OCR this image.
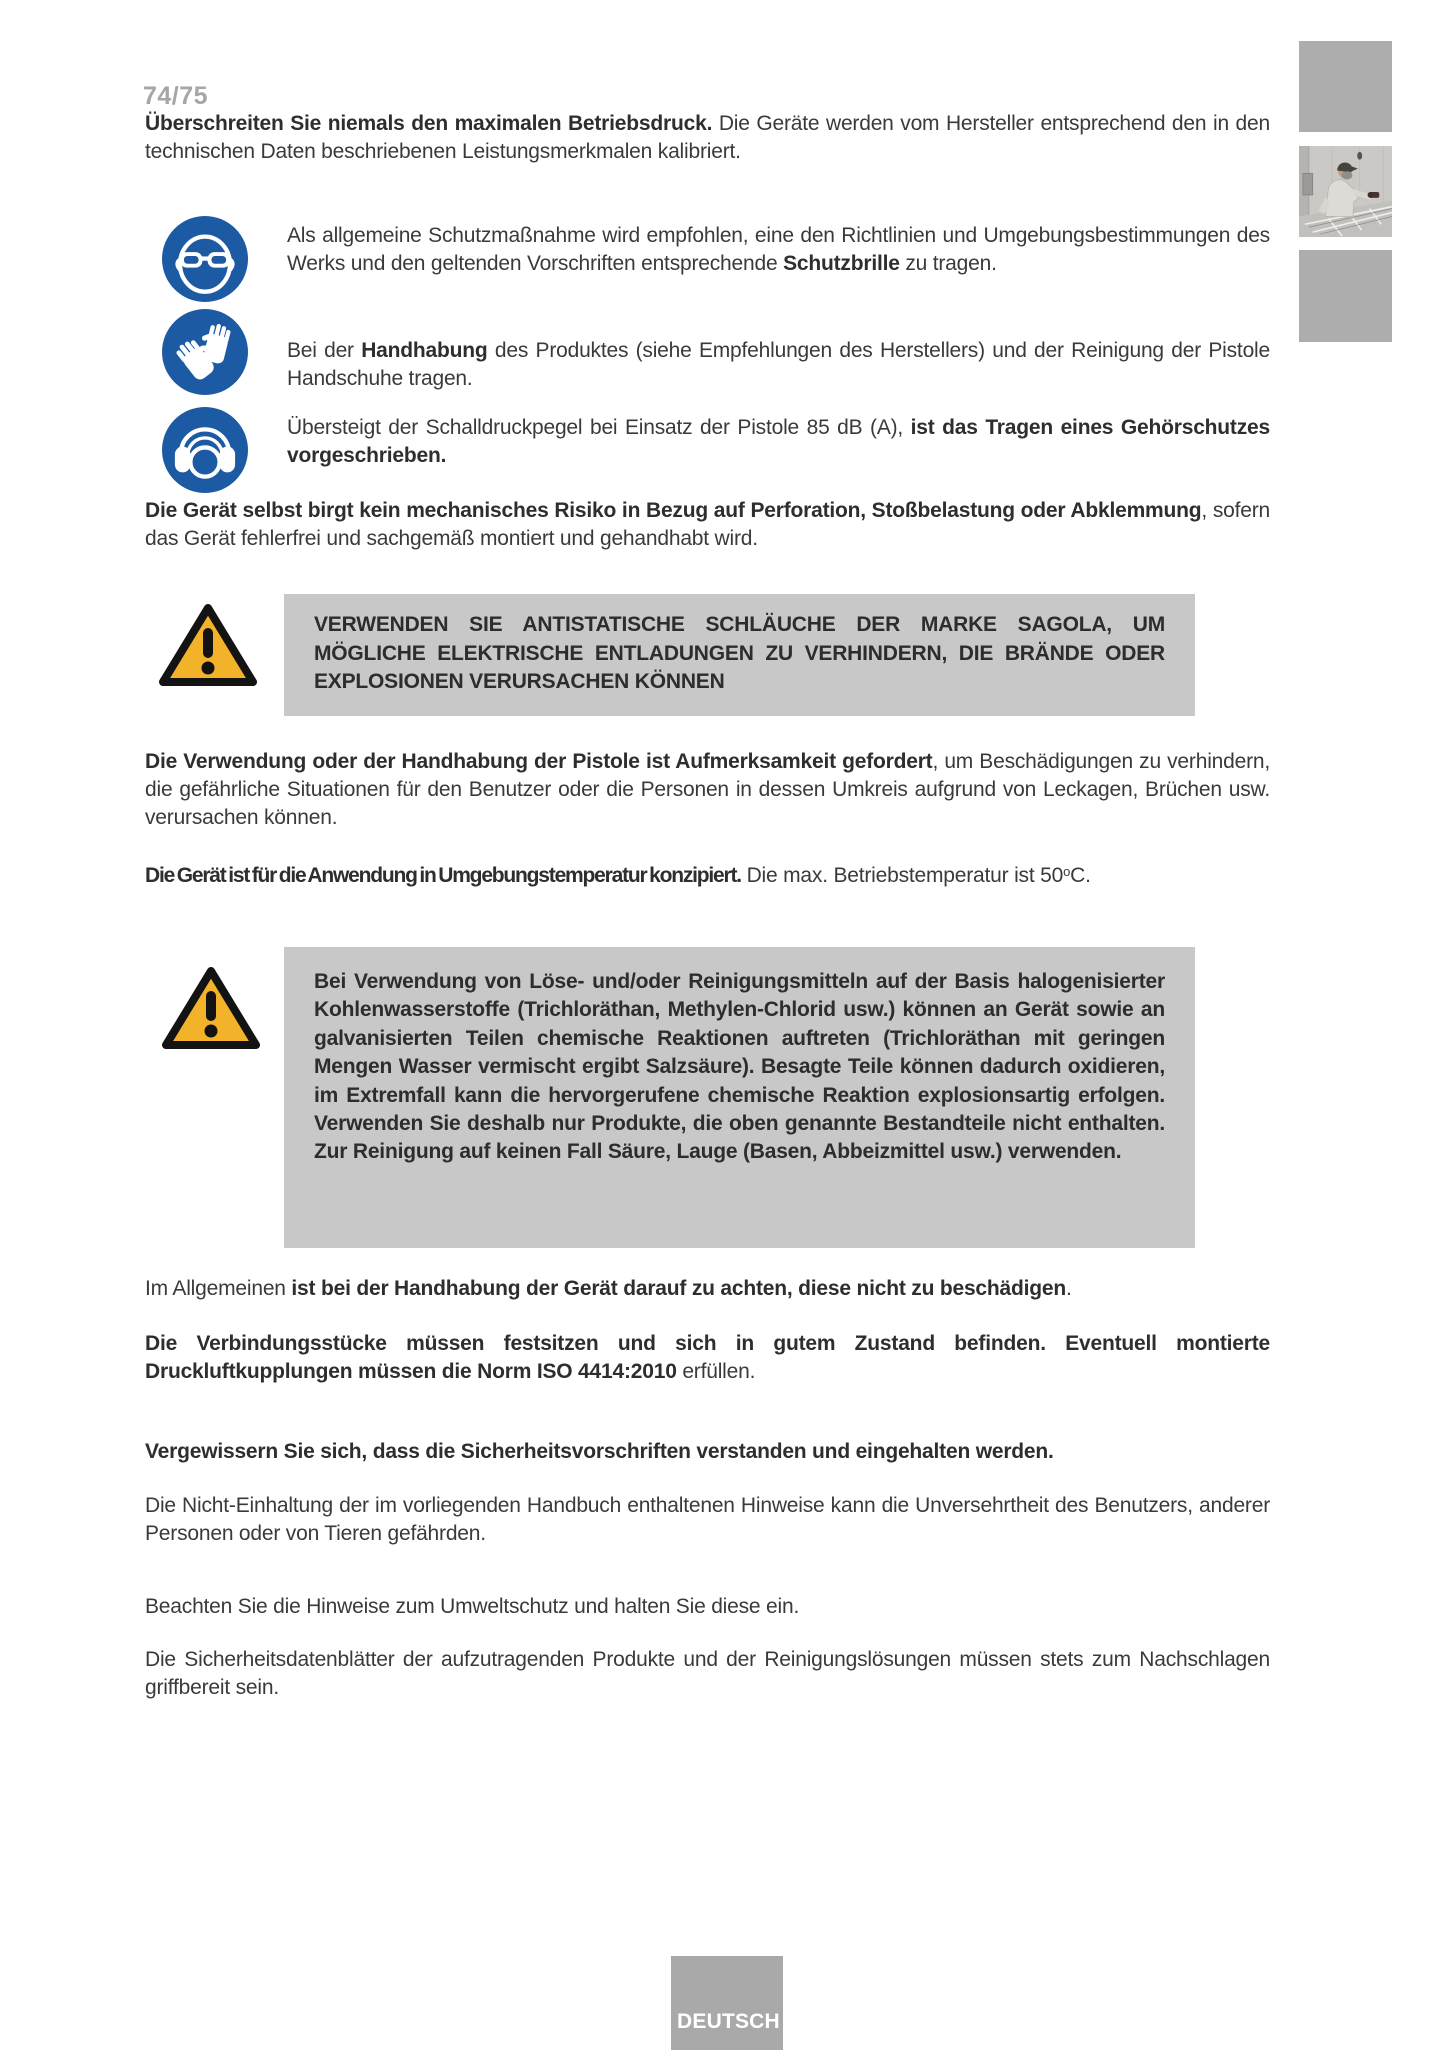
74/75

Überschreiten Sie niemals den maximalen Betriebsdruck. Die Geräte werden vom Hersteller entsprechend den in den technischen Daten beschriebenen Leistungsmerkmalen kalibriert.

Als allgemeine Schutzmaßnahme wird empfohlen, eine den Richtlinien und Umgebungsbestimmungen des Werks und den geltenden Vorschriften entsprechende Schutzbrille zu tragen.

Bei der Handhabung des Produktes (siehe Empfehlungen des Herstellers) und der Reinigung der Pistole Handschuhe tragen.

Übersteigt der Schalldruckpegel bei Einsatz der Pistole 85 dB (A), ist das Tragen eines Gehörschutzes vorgeschrieben.

Die Gerät selbst birgt kein mechanisches Risiko in Bezug auf Perforation, Stoßbelastung oder Abklemmung, sofern das Gerät fehlerfrei und sachgemäß montiert und gehandhabt wird.

VERWENDEN SIE ANTISTATISCHE SCHLÄUCHE DER MARKE SAGOLA, UM MÖGLICHE ELEKTRISCHE ENTLADUNGEN ZU VERHINDERN, DIE BRÄNDE ODER EXPLOSIONEN VERURSACHEN KÖNNEN

Die Verwendung oder der Handhabung der Pistole ist Aufmerksamkeit gefordert, um Beschädigungen zu verhindern, die gefährliche Situationen für den Benutzer oder die Personen in dessen Umkreis aufgrund von Leckagen, Brüchen usw. verursachen können.

Die Gerät ist für die Anwendung in Umgebungstemperatur konzipiert. Die max. Betriebstemperatur ist 50$^o$C.

Bei Verwendung von Löse- und/oder Reinigungsmitteln auf der Basis halogenisierter Kohlenwasserstoffe (Trichloräthan, Methylen-Chlorid usw.) können an Gerät sowie an galvanisierten Teilen chemische Reaktionen auftreten (Trichloräthan mit geringen Mengen Wasser vermischt ergibt Salzsäure). Besagte Teile können dadurch oxidieren, im Extremfall kann die hervorgerufene chemische Reaktion explosionsartig erfolgen. Verwenden Sie deshalb nur Produkte, die oben genannte Bestandteile nicht enthalten. Zur Reinigung auf keinen Fall Säure, Lauge (Basen, Abbeizmittel usw.) verwenden.

Im Allgemeinen ist bei der Handhabung der Gerät darauf zu achten, diese nicht zu beschädigen.

Die Verbindungsstücke müssen festsitzen und sich in gutem Zustand befinden. Eventuell montierte Druckluftkupplungen müssen die Norm ISO 4414:2010 erfüllen.

Vergewissern Sie sich, dass die Sicherheitsvorschriften verstanden und eingehalten werden.

Die Nicht-Einhaltung der im vorliegenden Handbuch enthaltenen Hinweise kann die Unversehrtheit des Benutzers, anderer Personen oder von Tieren gefährden.

Beachten Sie die Hinweise zum Umweltschutz und halten Sie diese ein.

Die Sicherheitsdatenblätter der aufzutragenden Produkte und der Reinigungslösungen müssen stets zum Nachschlagen griffbereit sein.

DEUTSCH
